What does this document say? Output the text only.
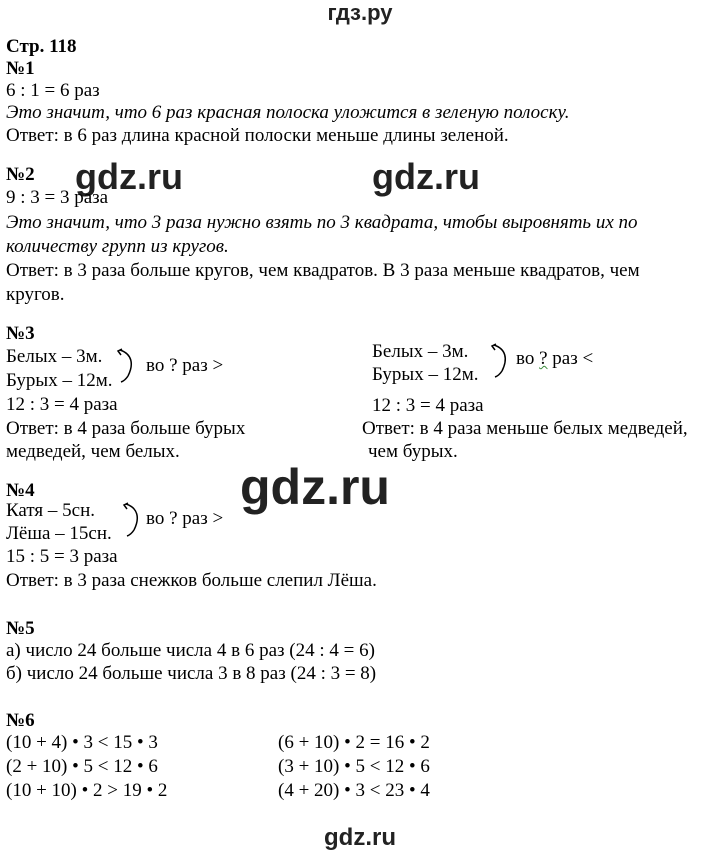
гдз.ру
gdz.ru	gdz.ru
gdz.ru
gdz.ru
Стр. 118
№1
6 : 1 = 6 раз
Это значит, что 6 раз красная полоска уложится в зеленую полоску.
Ответ: в 6 раз длина красной полоски меньше длины зеленой.
№2
9 : 3 = 3 раза
Это значит, что 3 раза нужно взять по 3 квадрата, чтобы выровнять их по
количеству групп из кругов.
Ответ: в 3 раза больше кругов, чем квадратов. В 3 раза меньше квадратов, чем
кругов.
№3
Белых – 3м.
Бурых – 12м.
во ? раз >
12 : 3 = 4 раза
Ответ: в 4 раза больше бурых
медведей, чем белых.
Белых – 3м.
Бурых – 12м.
во ? раз <
12 : 3 = 4 раза
Ответ: в 4 раза меньше белых медведей,
чем бурых.
№4
Катя – 5сн.
Лёша – 15сн.
во ? раз >
15 : 5 = 3 раза
Ответ: в 3 раза снежков больше слепил Лёша.
№5
а) число 24 больше числа 4 в 6 раз (24 : 4 = 6)
б) число 24 больше числа 3 в 8 раз (24 : 3 = 8)
№6
(10 + 4) • 3 < 15 • 3
(2 + 10) • 5 < 12 • 6
(10 + 10) • 2 > 19 • 2
(6 + 10) • 2 = 16 • 2
(3 + 10) • 5 < 12 • 6
(4 + 20) • 3 < 23 • 4
